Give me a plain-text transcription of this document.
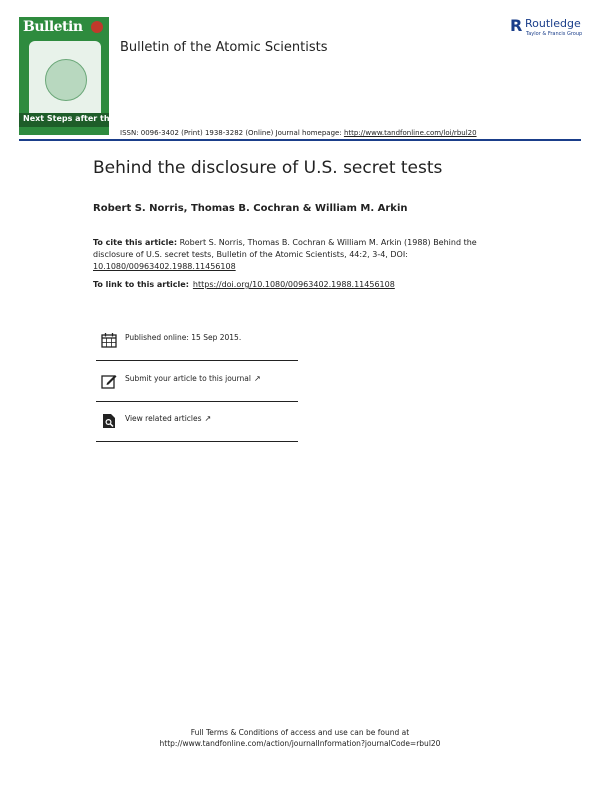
Bulletin
Next Steps after the Summit
Bulletin of the Atomic Scientists
R Routledge
Taylor & Francis Group
ISSN: 0096-3402 (Print) 1938-3282 (Online) Journal homepage: http://www.tandfonline.com/loi/rbul20
Behind the disclosure of U.S. secret tests
Robert S. Norris, Thomas B. Cochran & William M. Arkin
To cite this article: Robert S. Norris, Thomas B. Cochran & William M. Arkin (1988) Behind the disclosure of U.S. secret tests, Bulletin of the Atomic Scientists, 44:2, 3-4, DOI: 10.1080/00963402.1988.11456108
To link to this article: https://doi.org/10.1080/00963402.1988.11456108
Published online: 15 Sep 2015.
Submit your article to this journal ↗
View related articles ↗
Full Terms & Conditions of access and use can be found at
http://www.tandfonline.com/action/journalInformation?journalCode=rbul20
